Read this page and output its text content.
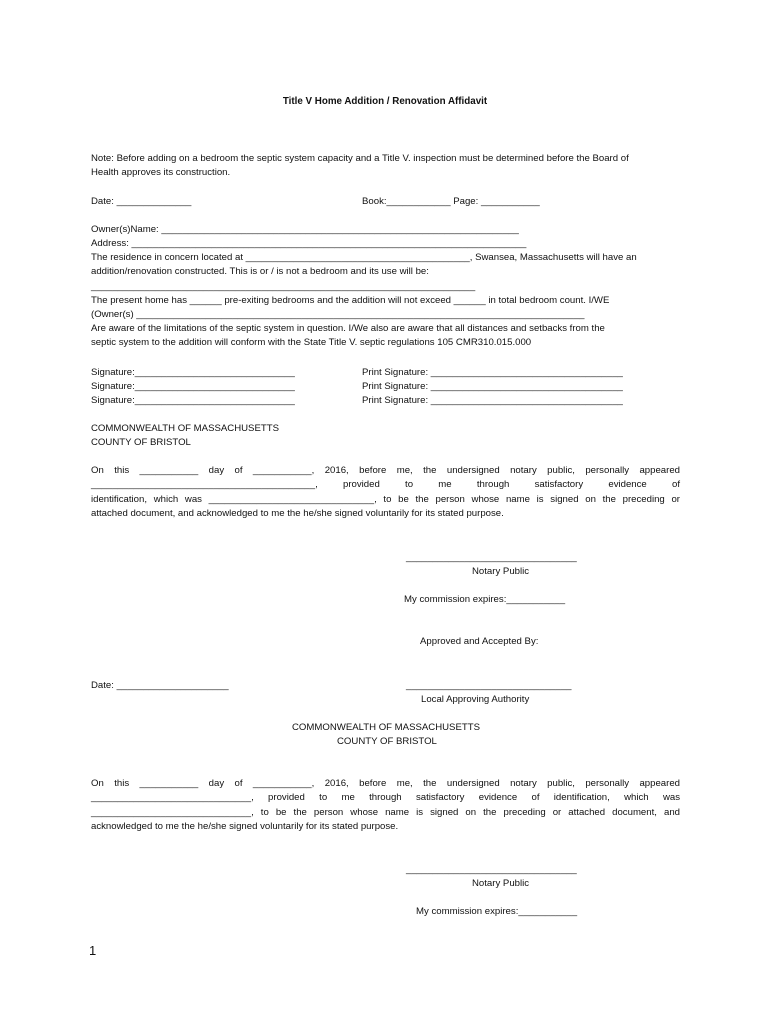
Title V Home Addition / Renovation Affidavit
Note: Before adding on a bedroom the septic system capacity and a Title V. inspection must be determined before the Board of
Health approves its construction.
Date: ______________	Book:____________ Page: ___________
Owner(s)Name: ___________________________________________________________________
Address: __________________________________________________________________________
The residence in concern located at __________________________________________, Swansea, Massachusetts will have an
addition/renovation constructed. This is or / is not a bedroom and its use will be:
________________________________________________________________________
The present home has ______ pre-exiting bedrooms and the addition will not exceed ______ in total bedroom count. I/WE
(Owner(s) ____________________________________________________________________________________
Are aware of the limitations of the septic system in question. I/We also are aware that all distances and setbacks from the
septic system to the addition will conform with the State Title V. septic regulations 105 CMR310.015.000
Signature:______________________________
Signature:______________________________
Signature:______________________________
Print Signature: ____________________________________
Print Signature: ____________________________________
Print Signature: ____________________________________
COMMONWEALTH OF MASSACHUSETTS
COUNTY OF BRISTOL
On this ___________ day of ___________, 2016, before me, the undersigned notary public, personally appeared
__________________________________________, provided to me through satisfactory evidence of
identification, which was _______________________________, to be the person whose name is signed on the preceding or
attached document, and acknowledged to me the he/she signed voluntarily for its stated purpose.
________________________________
Notary Public
My commission expires:___________
Approved and Accepted By:
Date: _____________________	_______________________________
Local Approving Authority
COMMONWEALTH OF MASSACHUSETTS
COUNTY OF BRISTOL
On this ___________ day of ___________, 2016, before me, the undersigned notary public, personally appeared
______________________________, provided to me through satisfactory evidence of identification, which was
______________________________, to be the person whose name is signed on the preceding or attached document, and
acknowledged to me the he/she signed voluntarily for its stated purpose.
________________________________
Notary Public
My commission expires:___________
1
